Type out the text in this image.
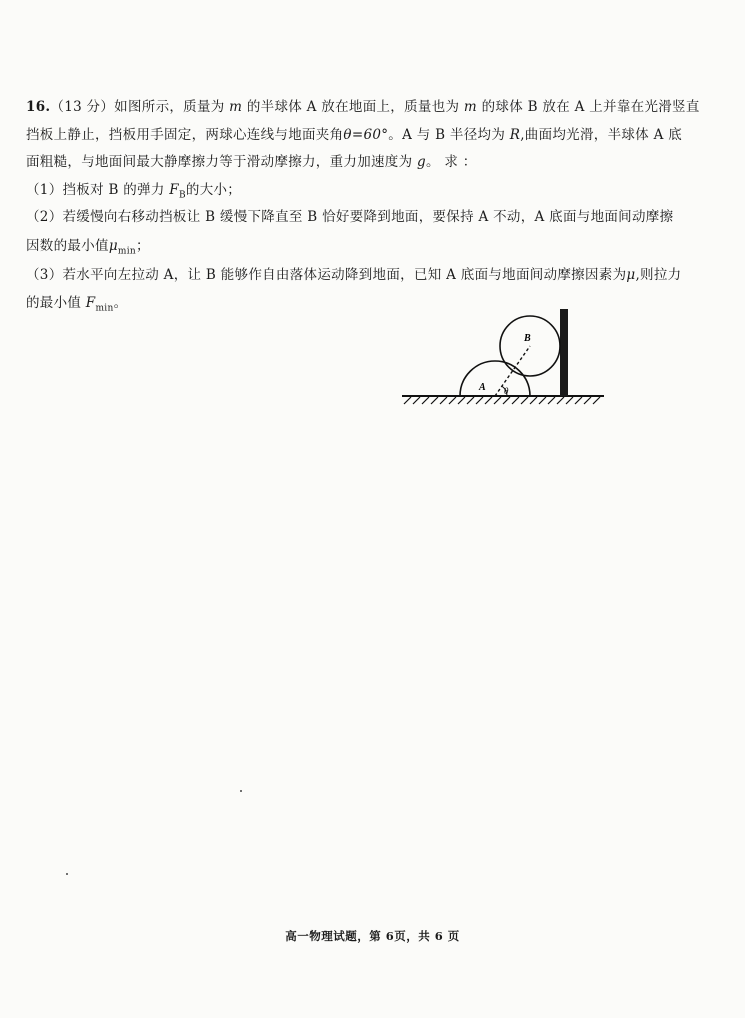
16.（13 分）如图所示，质量为 m 的半球体 A 放在地面上，质量也为 m 的球体 B 放在 A 上并靠在光滑竖直
挡板上静止，挡板用手固定，两球心连线与地面夹角θ=60°。A 与 B 半径均为 R,曲面均光滑，半球体 A 底
面粗糙，与地面间最大静摩擦力等于滑动摩擦力，重力加速度为 g。 求 ：
（1）挡板对 B 的弹力 $F_B$的大小；
（2）若缓慢向右移动挡板让 B 缓慢下降直至 B 恰好要降到地面，要保持 A 不动，A 底面与地面间动摩擦
因数的最小值$\mu_{min}$；
（3）若水平向左拉动 A，让 B 能够作自由落体运动降到地面，已知 A 底面与地面间动摩擦因素为μ,则拉力
的最小值 $F_{min}$。
A
B
θ
高一物理试题，第 6页，共 6 页
